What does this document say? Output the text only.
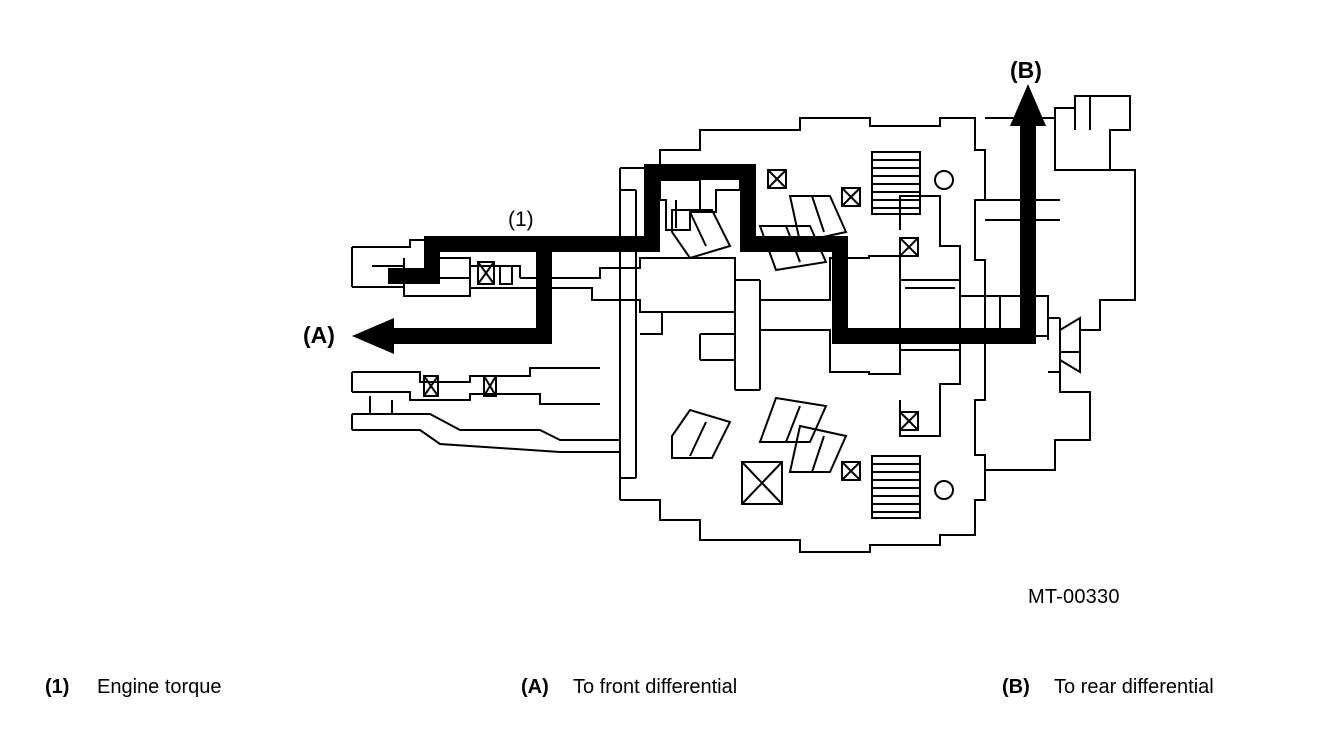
(1)
(A)
(B)
MT-00330
(1)	Engine torque	(A)	To front differential	(B)	To rear differential
